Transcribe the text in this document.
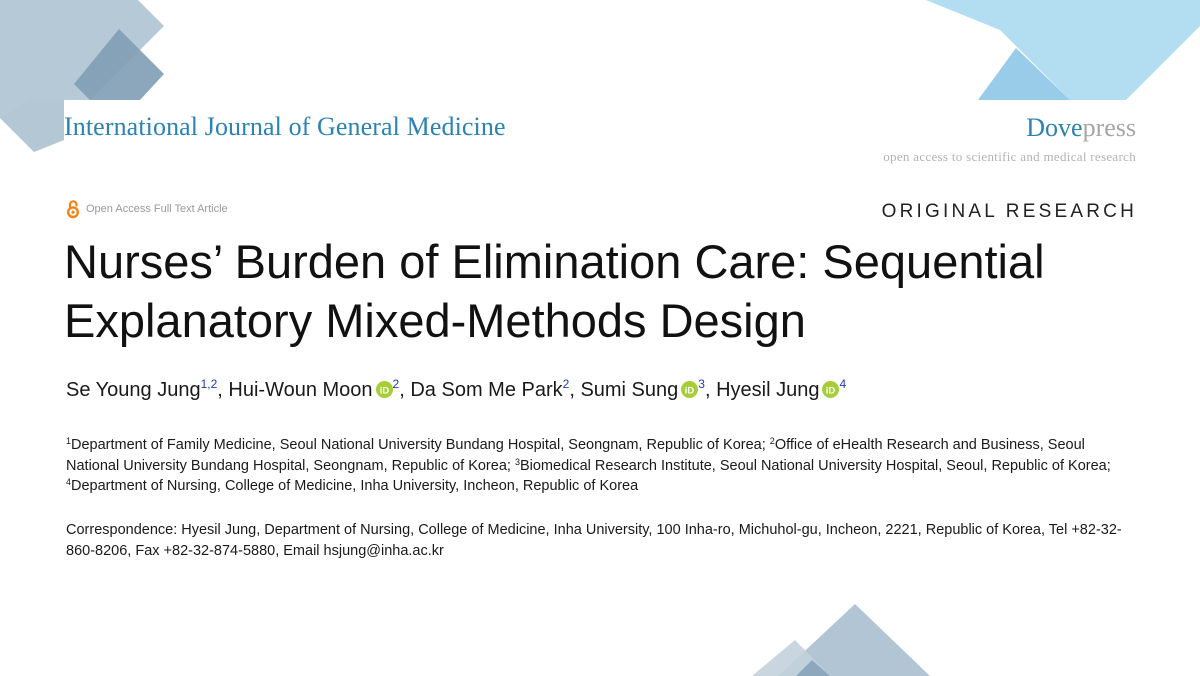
International Journal of General Medicine	Dovepress
open access to scientific and medical research
Open Access Full Text Article	ORIGINAL RESEARCH
Nurses’ Burden of Elimination Care: Sequential
Explanatory Mixed-Methods Design
Se Young Jung$^{1,2}$, Hui-Woun Moon iD $^2$, Da Som Me Park$^2$, Sumi Sung iD $^3$, Hyesil Jung iD $^4$
$^1$Department of Family Medicine, Seoul National University Bundang Hospital, Seongnam, Republic of Korea; $^2$Office of eHealth Research and Business, Seoul National University Bundang Hospital, Seongnam, Republic of Korea; $^3$Biomedical Research Institute, Seoul National University Hospital, Seoul, Republic of Korea; $^4$Department of Nursing, College of Medicine, Inha University, Incheon, Republic of Korea
Correspondence: Hyesil Jung, Department of Nursing, College of Medicine, Inha University, 100 Inha-ro, Michuhol-gu, Incheon, 2221, Republic of Korea, Tel +82-32-860-8206, Fax +82-32-874-5880, Email hsjung@inha.ac.kr
